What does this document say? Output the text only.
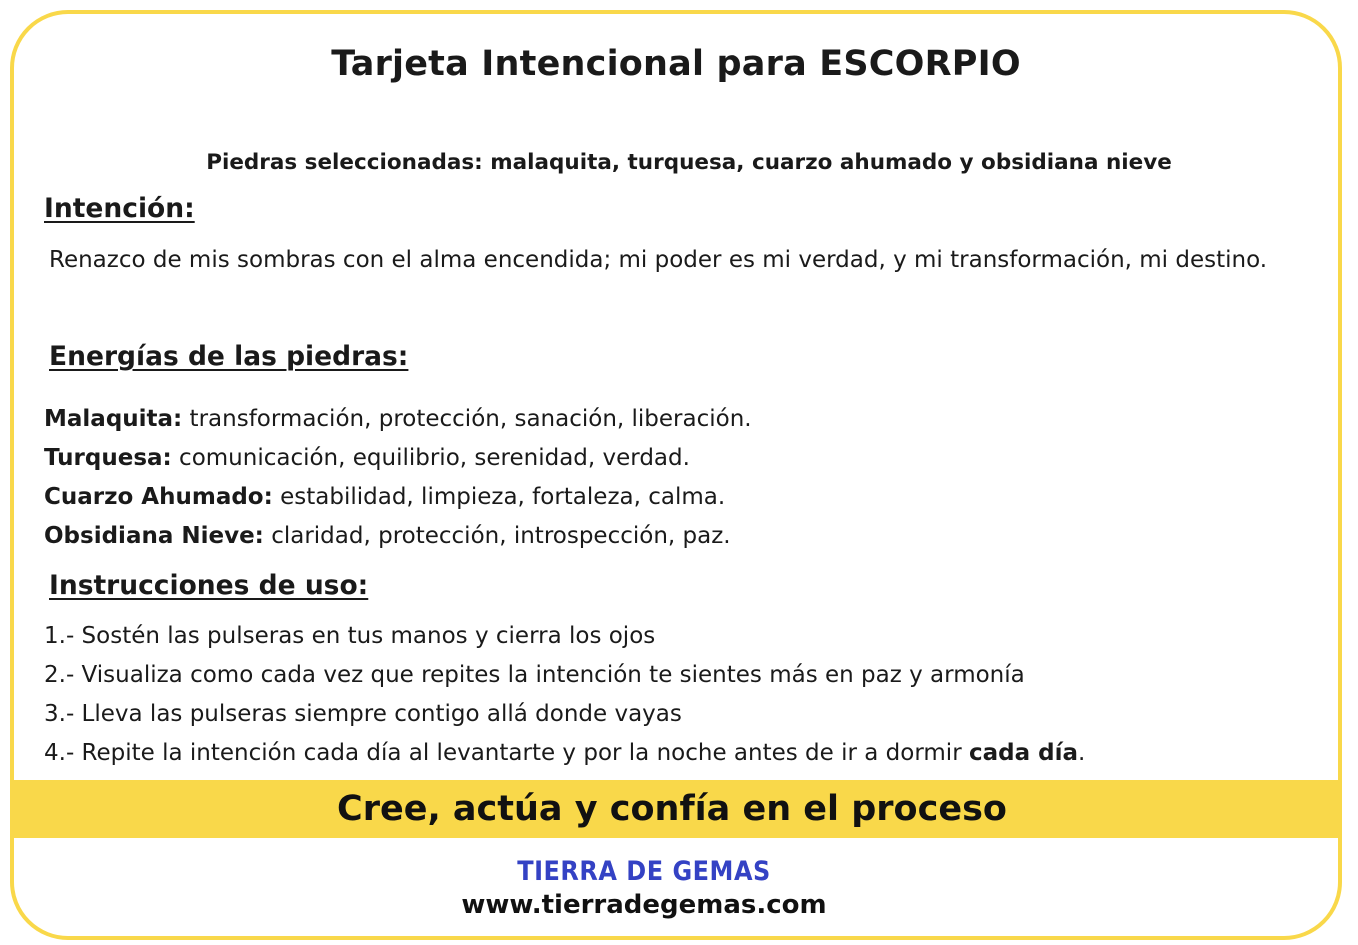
Tarjeta Intencional para ESCORPIO
Piedras seleccionadas: malaquita, turquesa, cuarzo ahumado y obsidiana nieve
Intención:
Renazco de mis sombras con el alma encendida; mi poder es mi verdad, y mi transformación, mi destino.
Energías de las piedras:
Malaquita: transformación, protección, sanación, liberación.
Turquesa: comunicación, equilibrio, serenidad, verdad.
Cuarzo Ahumado: estabilidad, limpieza, fortaleza, calma.
Obsidiana Nieve: claridad, protección, introspección, paz.
Instrucciones de uso:
1.- Sostén las pulseras en tus manos y cierra los ojos
2.- Visualiza como cada vez que repites la intención te sientes más en paz y armonía
3.- Lleva las pulseras siempre contigo allá donde vayas
4.- Repite la intención cada día al levantarte y por la noche antes de ir a dormir cada día.
Cree, actúa y confía en el proceso
TIERRA DE GEMAS
www.tierradegemas.com
